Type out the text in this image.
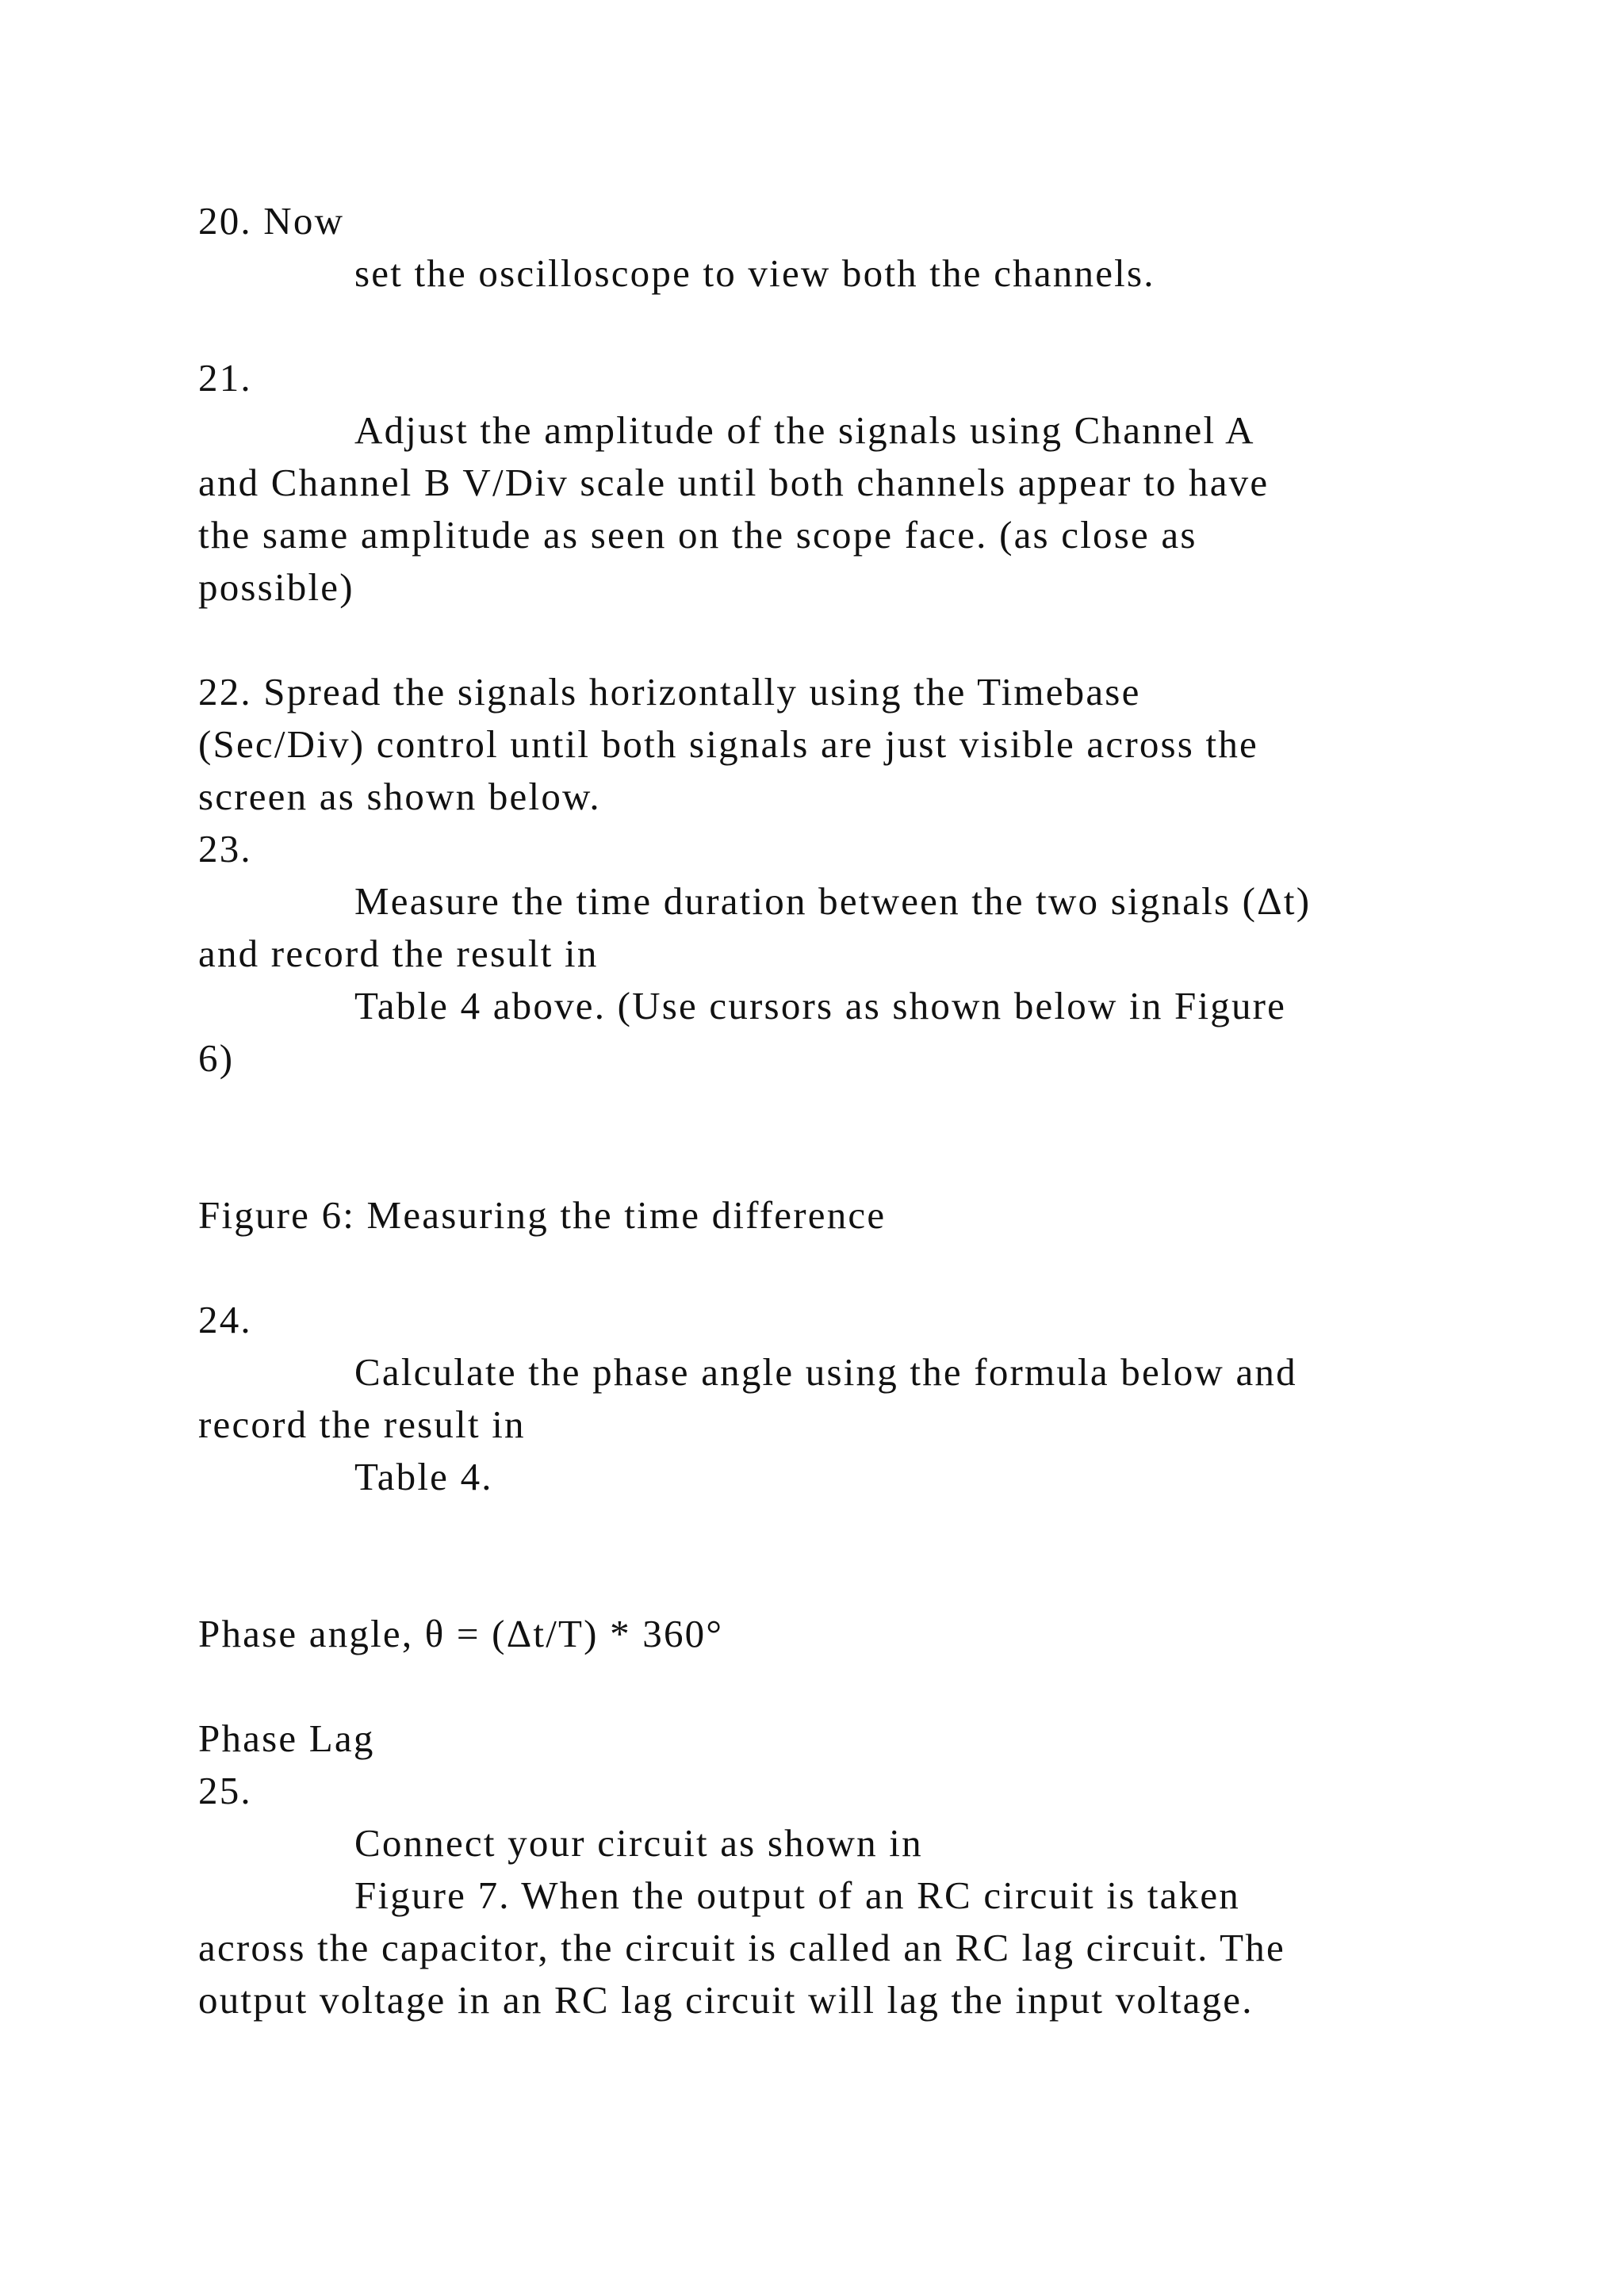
20. Now
set the oscilloscope to view both the channels.
21.
Adjust the amplitude of the signals using Channel A
and Channel B V/Div scale until both channels appear to have
the same amplitude as seen on the scope face. (as close as
possible)
22. Spread the signals horizontally using the Timebase
(Sec/Div) control until both signals are just visible across the
screen as shown below.
23.
Measure the time duration between the two signals (Δt)
and record the result in
Table 4 above. (Use cursors as shown below in Figure
6)
Figure 6: Measuring the time difference
24.
Calculate the phase angle using the formula below and
record the result in
Table 4.
Phase angle, θ = (Δt/T) * 360°
Phase Lag
25.
Connect your circuit as shown in
Figure 7. When the output of an RC circuit is taken
across the capacitor, the circuit is called an RC lag circuit. The
output voltage in an RC lag circuit will lag the input voltage.
